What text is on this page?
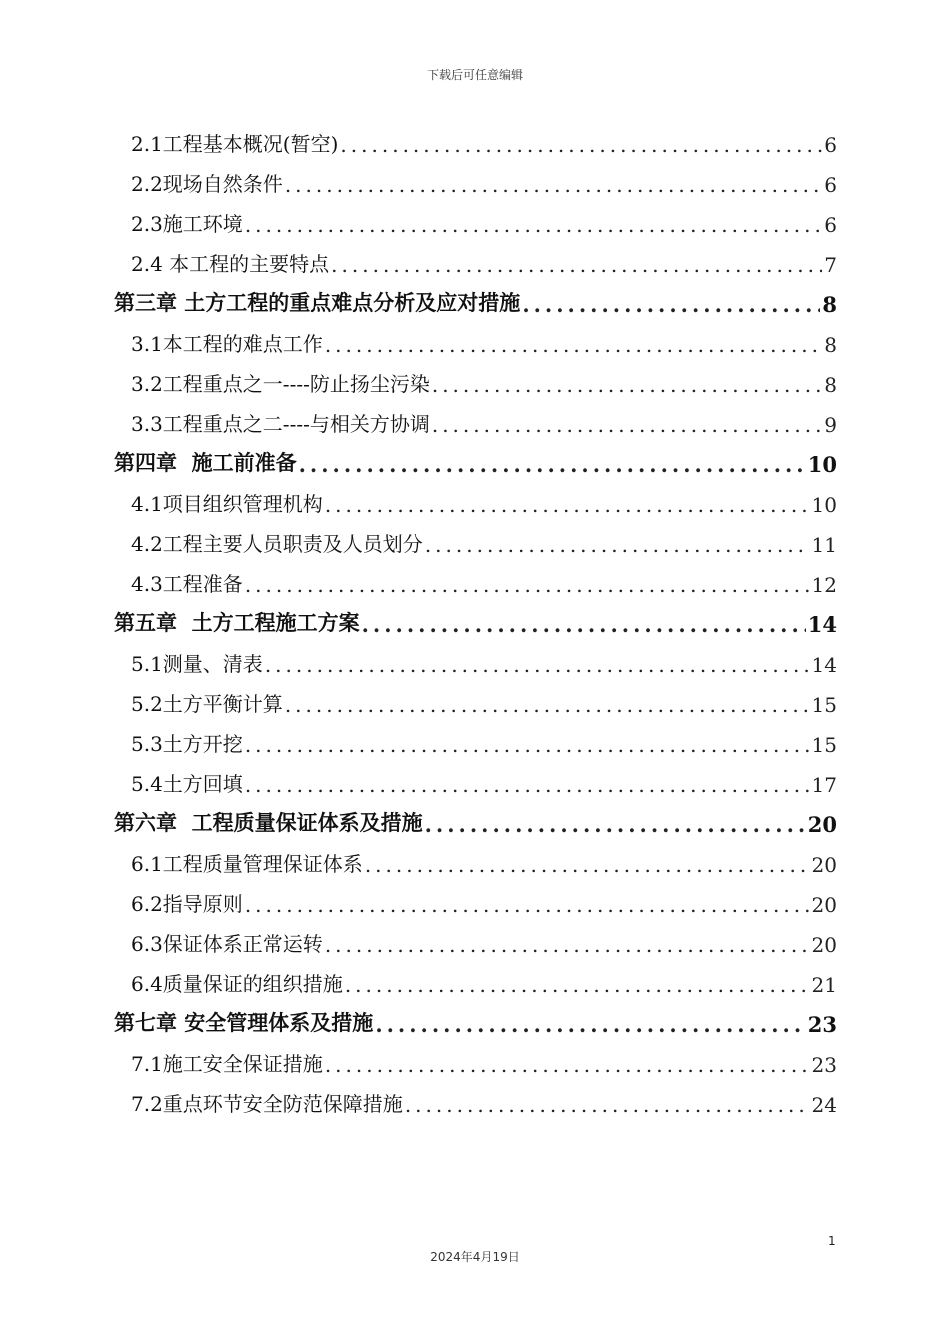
下载后可任意编辑
2.1工程基本概况(暂空) .....	6
2.2现场自然条件 .....	6
2.3施工环境 .....	6
2.4 本工程的主要特点 .....	7
第三章 土方工程的重点难点分析及应对措施 .....	8
3.1本工程的难点工作 .....	8
3.2工程重点之一----防止扬尘污染 .....	8
3.3工程重点之二----与相关方协调 .....	9
第四章  施工前准备 .....	10
4.1项目组织管理机构 .....	10
4.2工程主要人员职责及人员划分 .....	11
4.3工程准备 .....	12
第五章  土方工程施工方案 .....	14
5.1测量、清表 .....	14
5.2土方平衡计算 .....	15
5.3土方开挖 .....	15
5.4土方回填 .....	17
第六章  工程质量保证体系及措施 .....	20
6.1工程质量管理保证体系 .....	20
6.2指导原则 .....	20
6.3保证体系正常运转 .....	20
6.4质量保证的组织措施 .....	21
第七章 安全管理体系及措施 .....	23
7.1施工安全保证措施 .....	23
7.2重点环节安全防范保障措施 .....	24
1
2024年4月19日
